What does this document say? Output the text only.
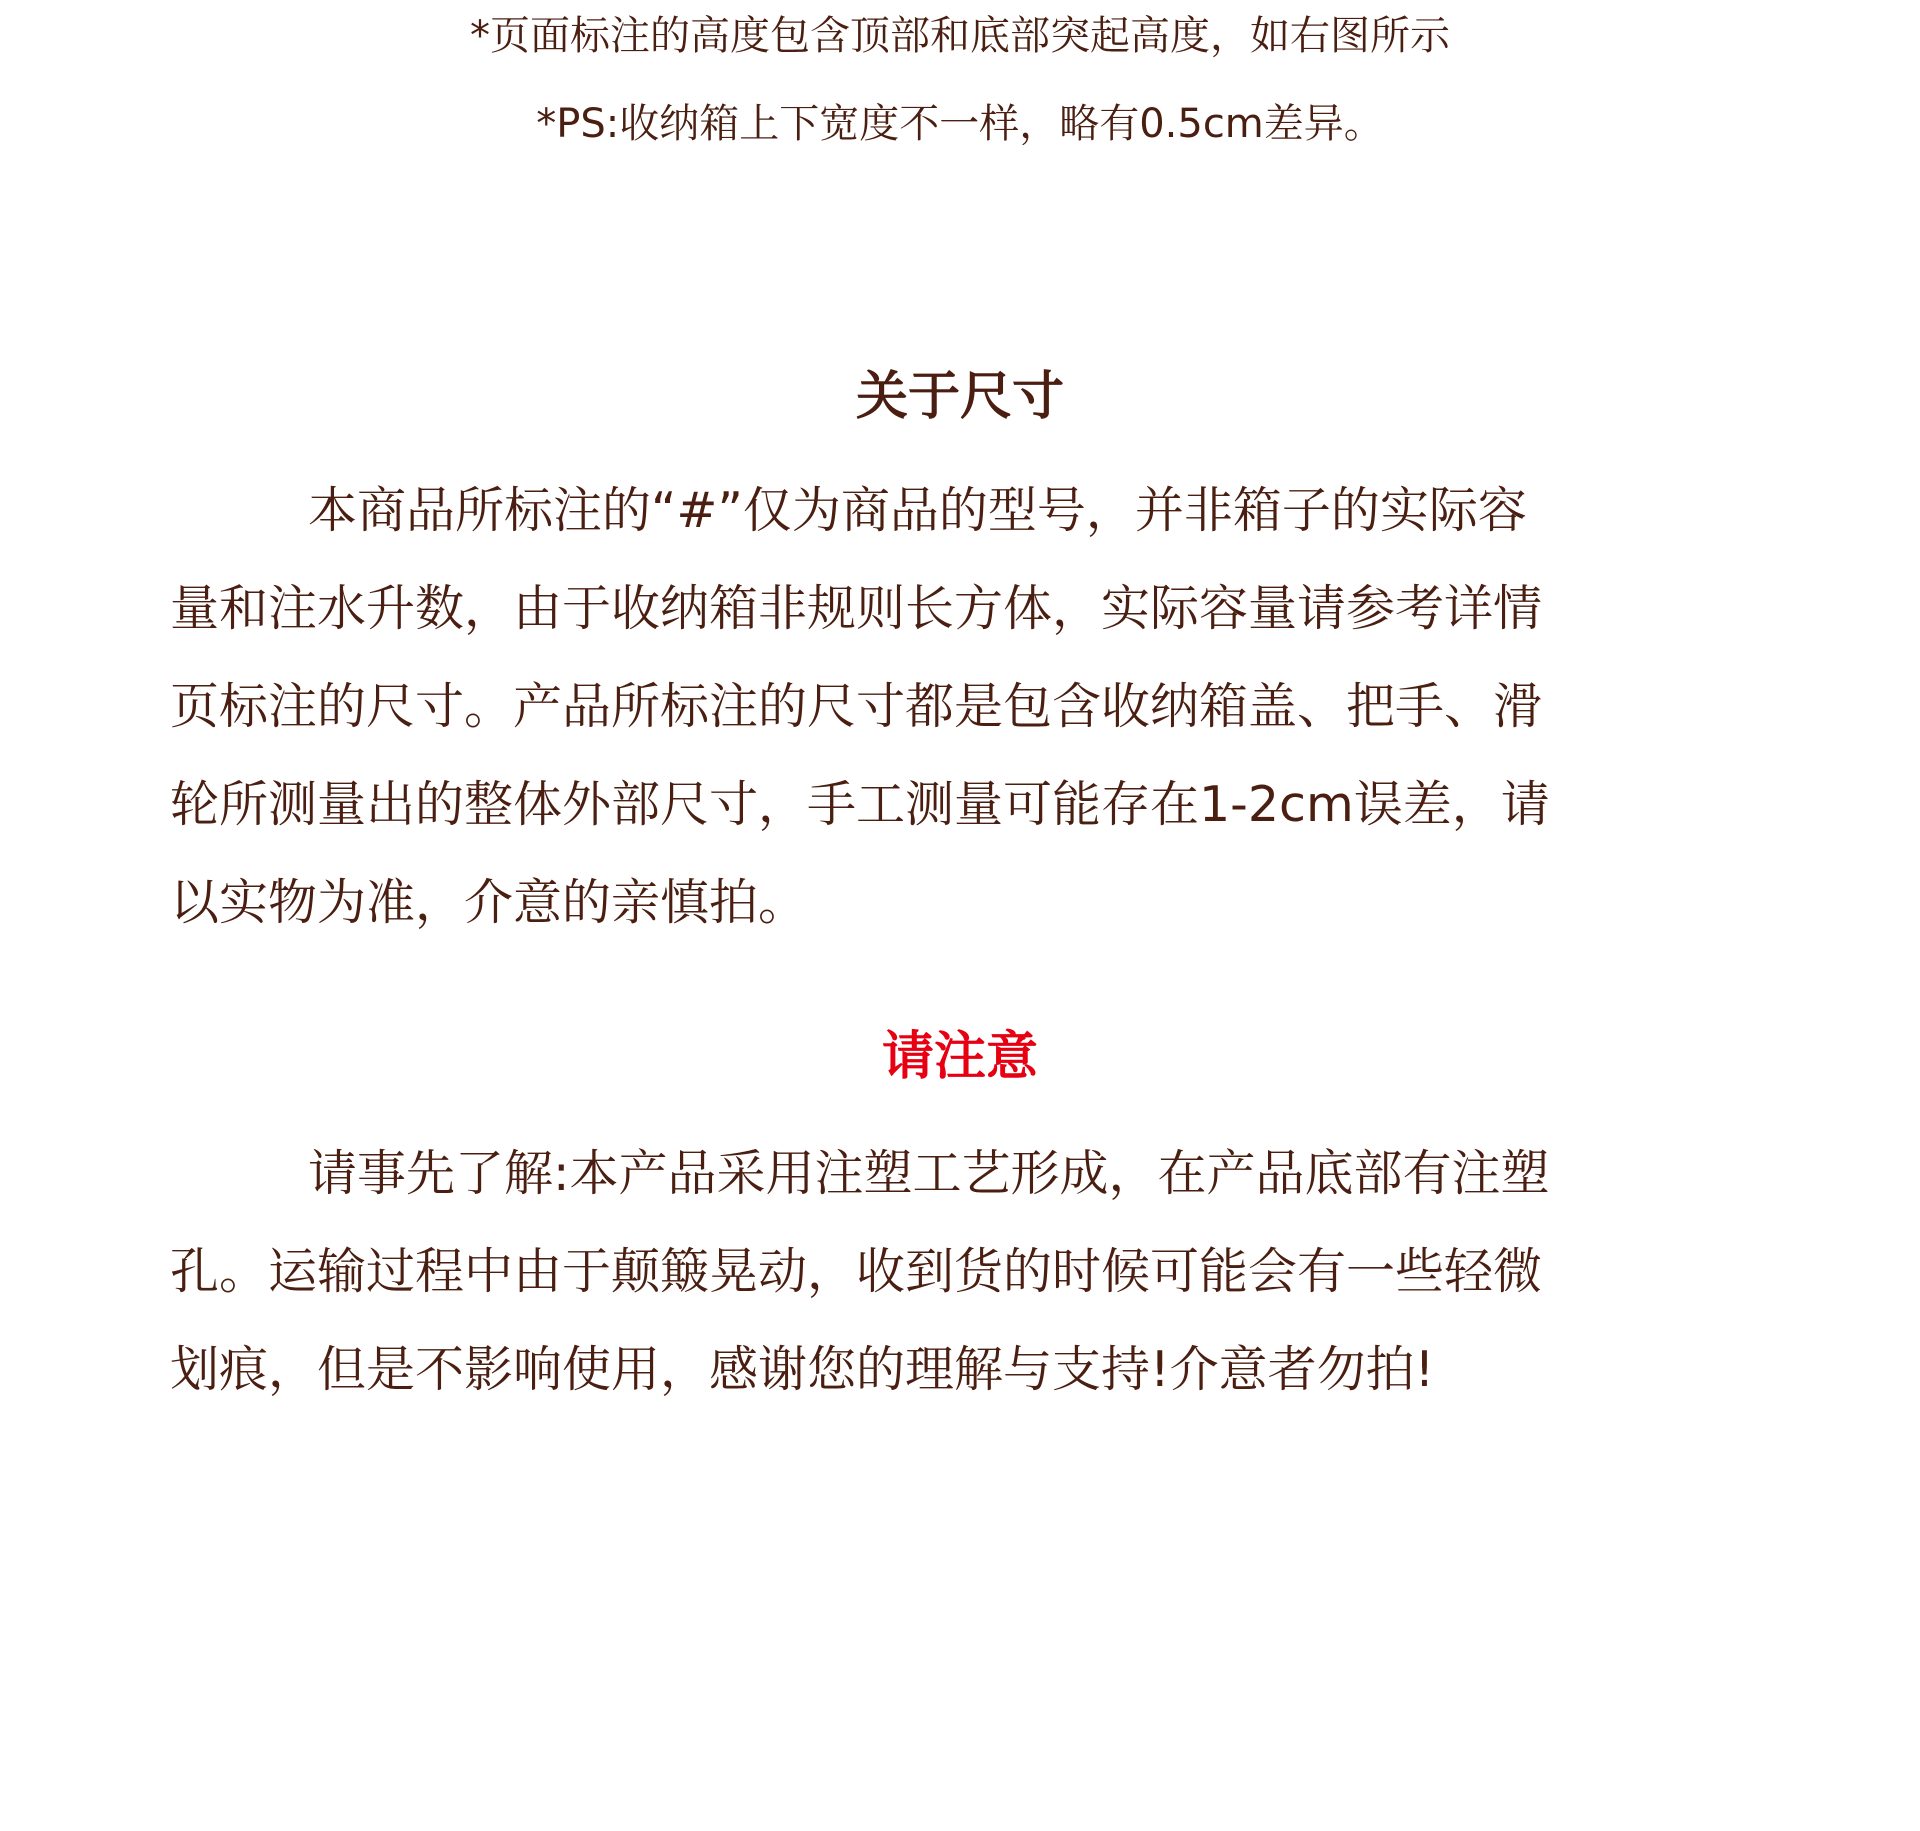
*页面标注的高度包含顶部和底部突起高度，如右图所示
*PS:收纳箱上下宽度不一样，略有0.5cm差异。
关于尺寸

本商品所标注的“#”仅为商品的型号，并非箱子的实际容
量和注水升数，由于收纳箱非规则长方体，实际容量请参考详情
页标注的尺寸。产品所标注的尺寸都是包含收纳箱盖、把手、滑
轮所测量出的整体外部尺寸，手工测量可能存在1-2cm误差，请
以实物为准，介意的亲慎拍。

请注意

请事先了解:本产品采用注塑工艺形成，在产品底部有注塑
孔。运输过程中由于颠簸晃动，收到货的时候可能会有一些轻微
划痕，但是不影响使用，感谢您的理解与支持!介意者勿拍!
